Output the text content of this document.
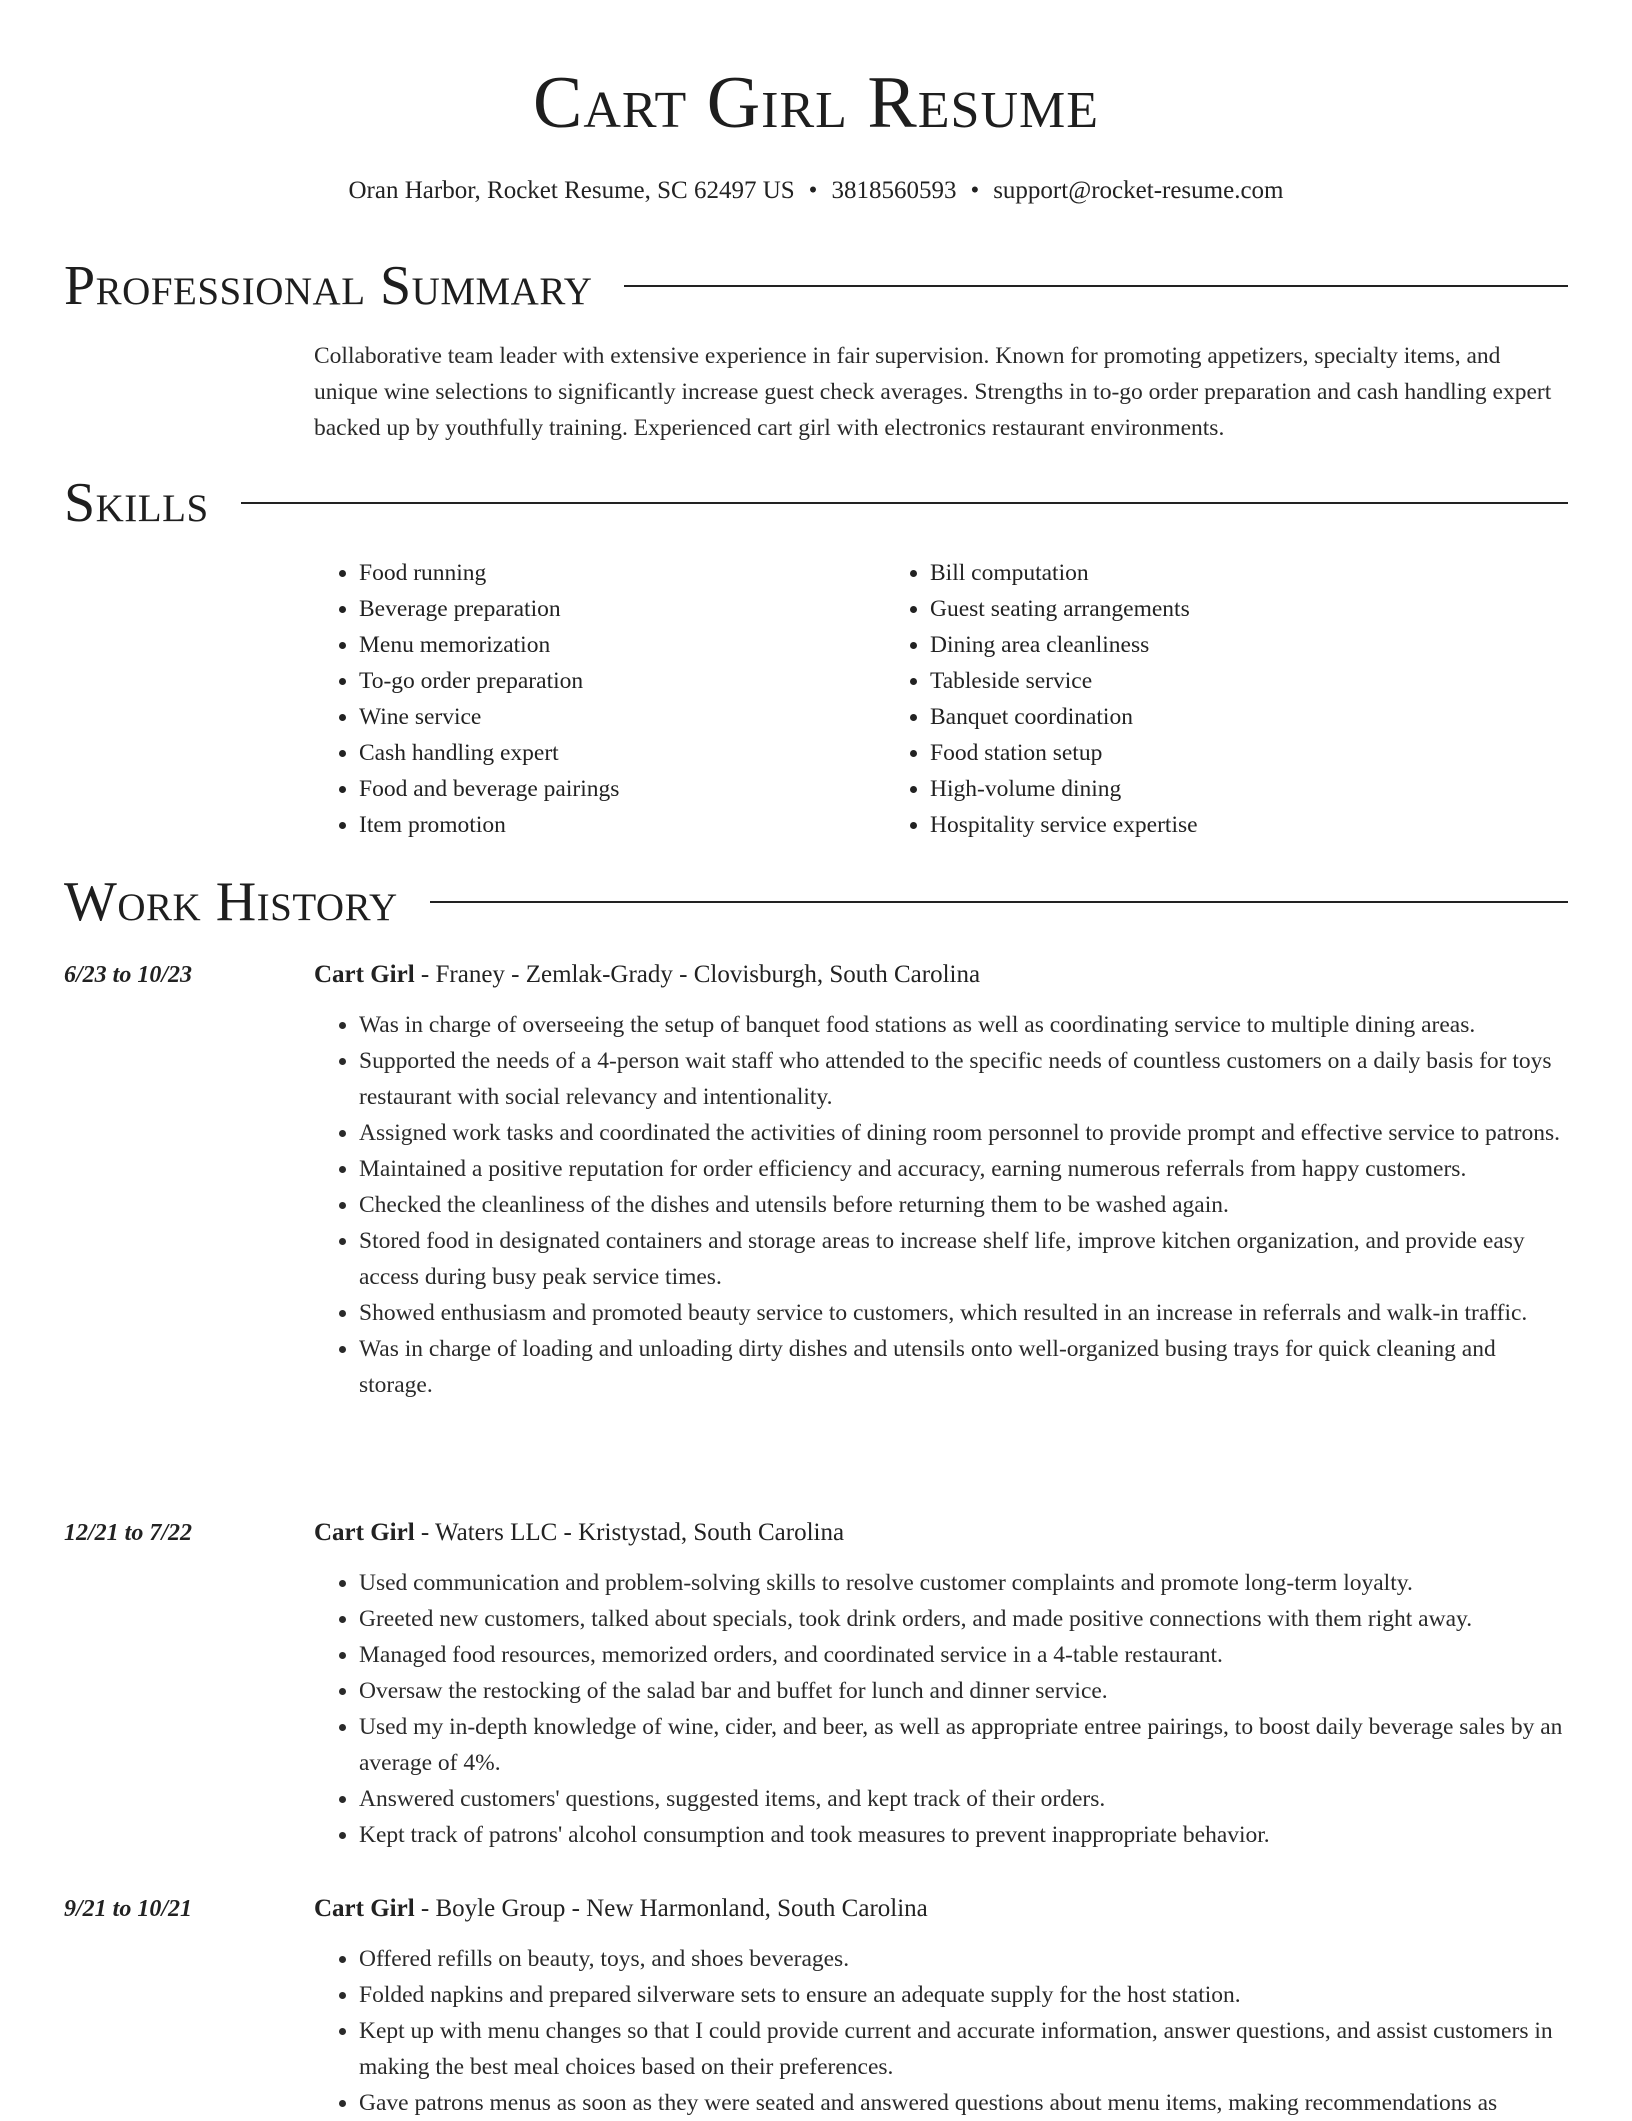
Cart Girl Resume
Oran Harbor, Rocket Resume, SC 62497 US • 3818560593 • support@rocket-resume.com
Professional Summary
Collaborative team leader with extensive experience in fair supervision. Known for promoting appetizers, specialty items, and unique wine selections to significantly increase guest check averages. Strengths in to-go order preparation and cash handling expert backed up by youthfully training. Experienced cart girl with electronics restaurant environments.
Skills
• Food running
• Beverage preparation
• Menu memorization
• To-go order preparation
• Wine service
• Cash handling expert
• Food and beverage pairings
• Item promotion
• Bill computation
• Guest seating arrangements
• Dining area cleanliness
• Tableside service
• Banquet coordination
• Food station setup
• High-volume dining
• Hospitality service expertise
Work History
6/23 to 10/23	Cart Girl - Franey - Zemlak-Grady - Clovisburgh, South Carolina
• Was in charge of overseeing the setup of banquet food stations as well as coordinating service to multiple dining areas.
• Supported the needs of a 4-person wait staff who attended to the specific needs of countless customers on a daily basis for toys restaurant with social relevancy and intentionality.
• Assigned work tasks and coordinated the activities of dining room personnel to provide prompt and effective service to patrons.
• Maintained a positive reputation for order efficiency and accuracy, earning numerous referrals from happy customers.
• Checked the cleanliness of the dishes and utensils before returning them to be washed again.
• Stored food in designated containers and storage areas to increase shelf life, improve kitchen organization, and provide easy access during busy peak service times.
• Showed enthusiasm and promoted beauty service to customers, which resulted in an increase in referrals and walk-in traffic.
• Was in charge of loading and unloading dirty dishes and utensils onto well-organized busing trays for quick cleaning and storage.
12/21 to 7/22	Cart Girl - Waters LLC - Kristystad, South Carolina
• Used communication and problem-solving skills to resolve customer complaints and promote long-term loyalty.
• Greeted new customers, talked about specials, took drink orders, and made positive connections with them right away.
• Managed food resources, memorized orders, and coordinated service in a 4-table restaurant.
• Oversaw the restocking of the salad bar and buffet for lunch and dinner service.
• Used my in-depth knowledge of wine, cider, and beer, as well as appropriate entree pairings, to boost daily beverage sales by an average of 4%.
• Answered customers' questions, suggested items, and kept track of their orders.
• Kept track of patrons' alcohol consumption and took measures to prevent inappropriate behavior.
9/21 to 10/21	Cart Girl - Boyle Group - New Harmonland, South Carolina
• Offered refills on beauty, toys, and shoes beverages.
• Folded napkins and prepared silverware sets to ensure an adequate supply for the host station.
• Kept up with menu changes so that I could provide current and accurate information, answer questions, and assist customers in making the best meal choices based on their preferences.
• Gave patrons menus as soon as they were seated and answered questions about menu items, making recommendations as
